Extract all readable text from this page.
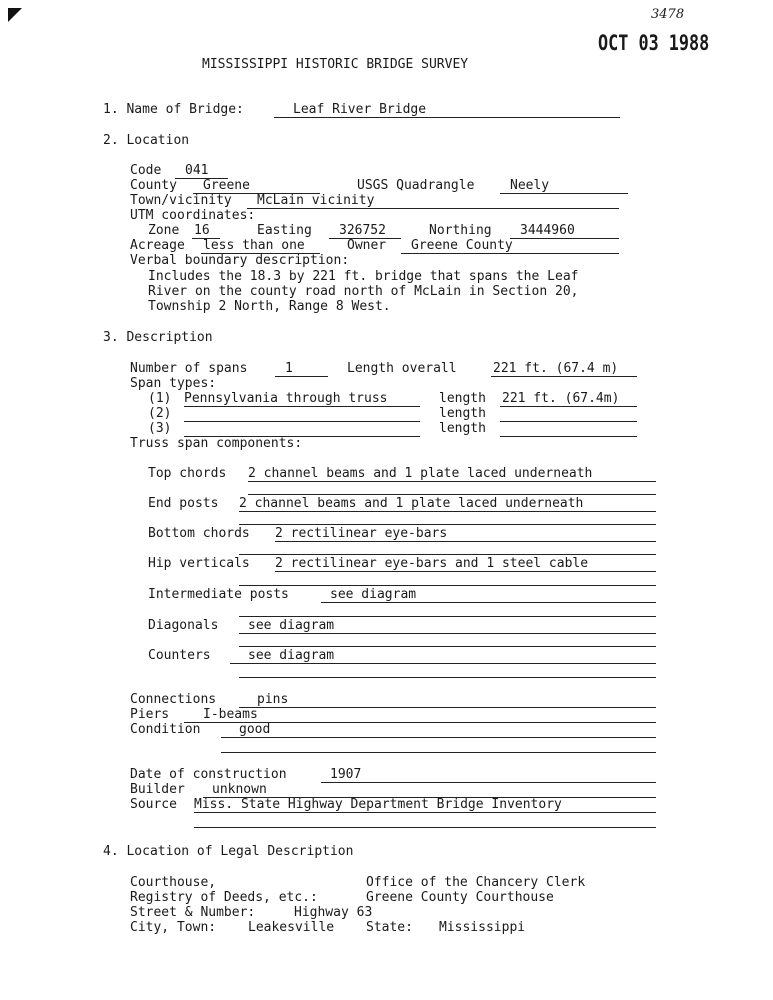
3478
OCT 03 1988
MISSISSIPPI HISTORIC BRIDGE SURVEY
1. Name of Bridge:	Leaf River Bridge
2. Location
Code 041
County Greene	USGS Quadrangle	Neely
Town/vicinity McLain vicinity
UTM coordinates:
Zone 16	Easting 326752	Northing 3444960
Acreage less than one	Owner Greene County
Verbal boundary description:
Includes the 18.3 by 221 ft. bridge that spans the Leaf
River on the county road north of McLain in Section 20,
Township 2 North, Range 8 West.
3. Description
Number of spans	1	Length overall	221 ft. (67.4 m)
Span types:
(1) Pennsylvania through truss	length 221 ft. (67.4m)
(2)	length
(3)	length
Truss span components:
Top chords 2 channel beams and 1 plate laced underneath
End posts 2 channel beams and 1 plate laced underneath
Bottom chords 2 rectilinear eye-bars
Hip verticals 2 rectilinear eye-bars and 1 steel cable
Intermediate posts	see diagram
Diagonals see diagram
Counters	see diagram
Connections	pins
Piers	I-beams
Condition	good
Date of construction	1907
Builder unknown
Source Miss. State Highway Department Bridge Inventory
4. Location of Legal Description
Courthouse,	Office of the Chancery Clerk
Registry of Deeds, etc.:	Greene County Courthouse
Street & Number:	Highway 63
City, Town: Leakesville State: Mississippi
